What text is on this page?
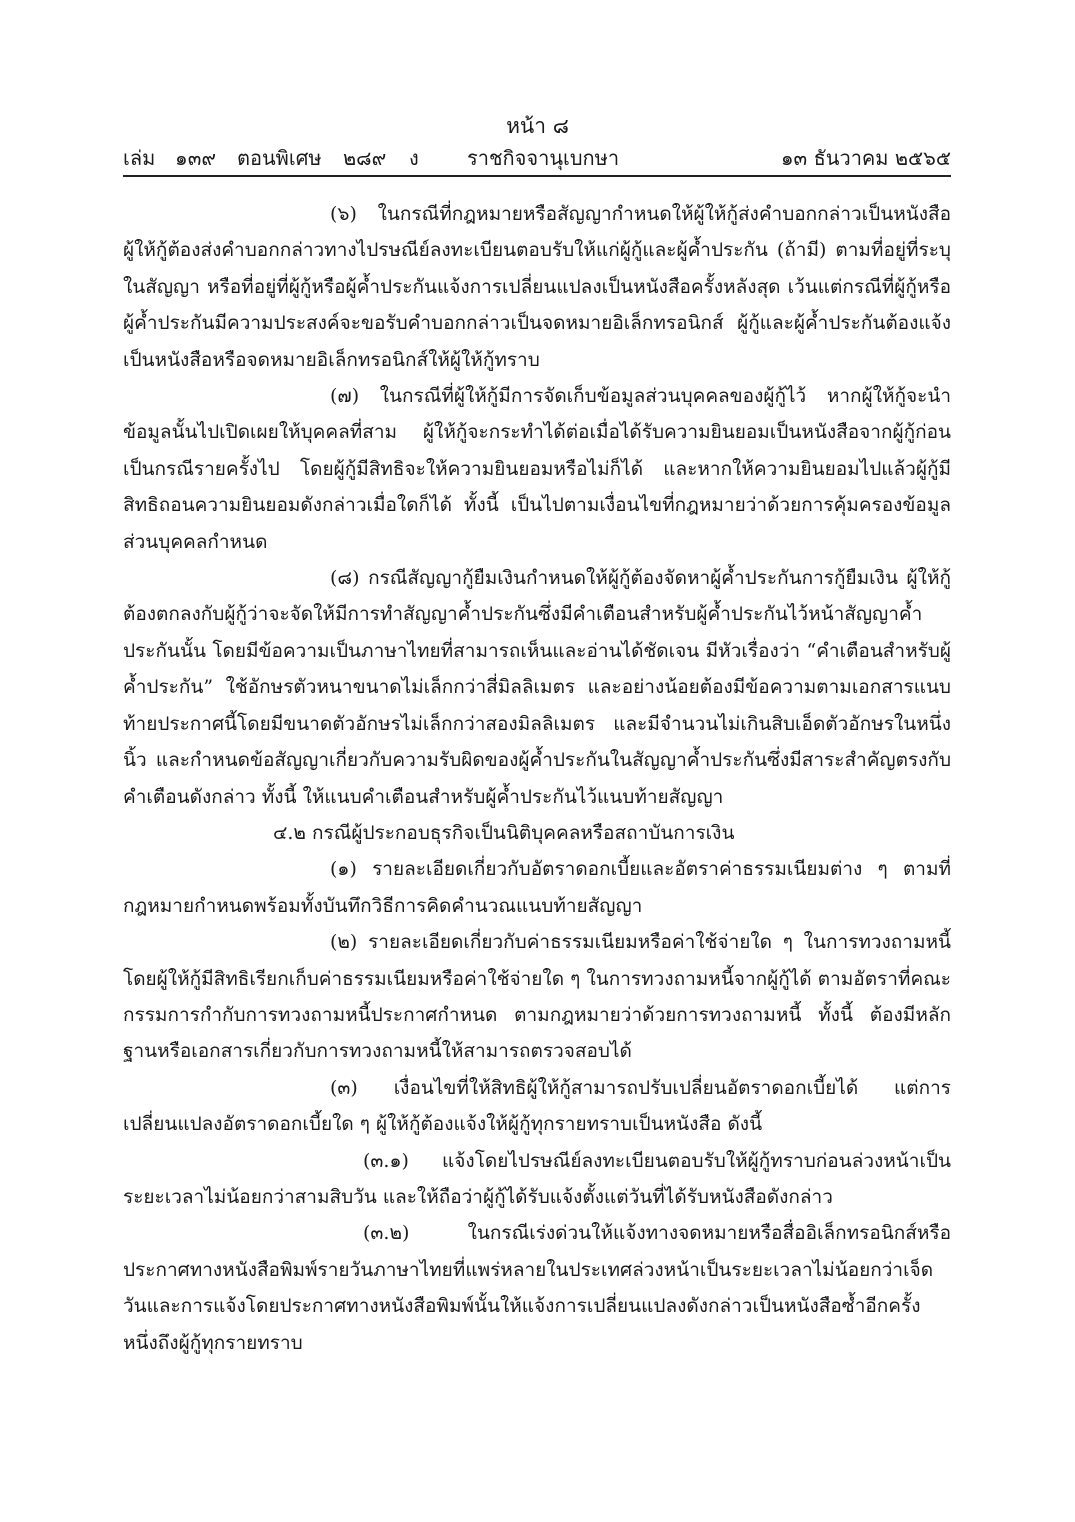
หน้า ๘
เล่ม ๑๓๙ ตอนพิเศษ ๒๘๙ ง ราชกิจจานุเบกษา	๑๓ ธันวาคม ๒๕๖๕

(๖) ในกรณีที่กฎหมายหรือสัญญากำหนดให้ผู้ให้กู้ส่งคำบอกกล่าวเป็นหนังสือ ผู้ให้กู้ต้องส่งคำบอกกล่าวทางไปรษณีย์ลงทะเบียนตอบรับให้แก่ผู้กู้และผู้ค้ำประกัน (ถ้ามี) ตามที่อยู่ที่ระบุในสัญญา หรือที่อยู่ที่ผู้กู้หรือผู้ค้ำประกันแจ้งการเปลี่ยนแปลงเป็นหนังสือครั้งหลังสุด เว้นแต่กรณีที่ผู้กู้หรือผู้ค้ำประกันมีความประสงค์จะขอรับคำบอกกล่าวเป็นจดหมายอิเล็กทรอนิกส์ ผู้กู้และผู้ค้ำประกันต้องแจ้งเป็นหนังสือหรือจดหมายอิเล็กทรอนิกส์ให้ผู้ให้กู้ทราบ

(๗) ในกรณีที่ผู้ให้กู้มีการจัดเก็บข้อมูลส่วนบุคคลของผู้กู้ไว้ หากผู้ให้กู้จะนำข้อมูลนั้นไปเปิดเผยให้บุคคลที่สาม ผู้ให้กู้จะกระทำได้ต่อเมื่อได้รับความยินยอมเป็นหนังสือจากผู้กู้ก่อนเป็นกรณีรายครั้งไป โดยผู้กู้มีสิทธิจะให้ความยินยอมหรือไม่ก็ได้ และหากให้ความยินยอมไปแล้วผู้กู้มีสิทธิถอนความยินยอมดังกล่าวเมื่อใดก็ได้ ทั้งนี้ เป็นไปตามเงื่อนไขที่กฎหมายว่าด้วยการคุ้มครองข้อมูลส่วนบุคคลกำหนด

(๘) กรณีสัญญากู้ยืมเงินกำหนดให้ผู้กู้ต้องจัดหาผู้ค้ำประกันการกู้ยืมเงิน ผู้ให้กู้ต้องตกลงกับผู้กู้ว่าจะจัดให้มีการทำสัญญาค้ำประกันซึ่งมีคำเตือนสำหรับผู้ค้ำประกันไว้หน้าสัญญาค้ำประกันนั้น โดยมีข้อความเป็นภาษาไทยที่สามารถเห็นและอ่านได้ชัดเจน มีหัวเรื่องว่า “คำเตือนสำหรับผู้ค้ำประกัน” ใช้อักษรตัวหนาขนาดไม่เล็กกว่าสี่มิลลิเมตร และอย่างน้อยต้องมีข้อความตามเอกสารแนบท้ายประกาศนี้โดยมีขนาดตัวอักษรไม่เล็กกว่าสองมิลลิเมตร และมีจำนวนไม่เกินสิบเอ็ดตัวอักษรในหนึ่งนิ้ว และกำหนดข้อสัญญาเกี่ยวกับความรับผิดของผู้ค้ำประกันในสัญญาค้ำประกันซึ่งมีสาระสำคัญตรงกับคำเตือนดังกล่าว ทั้งนี้ ให้แนบคำเตือนสำหรับผู้ค้ำประกันไว้แนบท้ายสัญญา

๔.๒ กรณีผู้ประกอบธุรกิจเป็นนิติบุคคลหรือสถาบันการเงิน

(๑) รายละเอียดเกี่ยวกับอัตราดอกเบี้ยและอัตราค่าธรรมเนียมต่าง ๆ ตามที่กฎหมายกำหนดพร้อมทั้งบันทึกวิธีการคิดคำนวณแนบท้ายสัญญา

(๒) รายละเอียดเกี่ยวกับค่าธรรมเนียมหรือค่าใช้จ่ายใด ๆ ในการทวงถามหนี้ โดยผู้ให้กู้มีสิทธิเรียกเก็บค่าธรรมเนียมหรือค่าใช้จ่ายใด ๆ ในการทวงถามหนี้จากผู้กู้ได้ ตามอัตราที่คณะกรรมการกำกับการทวงถามหนี้ประกาศกำหนด ตามกฎหมายว่าด้วยการทวงถามหนี้ ทั้งนี้ ต้องมีหลักฐานหรือเอกสารเกี่ยวกับการทวงถามหนี้ให้สามารถตรวจสอบได้

(๓) เงื่อนไขที่ให้สิทธิผู้ให้กู้สามารถปรับเปลี่ยนอัตราดอกเบี้ยได้ แต่การเปลี่ยนแปลงอัตราดอกเบี้ยใด ๆ ผู้ให้กู้ต้องแจ้งให้ผู้กู้ทุกรายทราบเป็นหนังสือ ดังนี้

(๓.๑) แจ้งโดยไปรษณีย์ลงทะเบียนตอบรับให้ผู้กู้ทราบก่อนล่วงหน้าเป็นระยะเวลาไม่น้อยกว่าสามสิบวัน และให้ถือว่าผู้กู้ได้รับแจ้งตั้งแต่วันที่ได้รับหนังสือดังกล่าว

(๓.๒) ในกรณีเร่งด่วนให้แจ้งทางจดหมายหรือสื่ออิเล็กทรอนิกส์หรือประกาศทางหนังสือพิมพ์รายวันภาษาไทยที่แพร่หลายในประเทศล่วงหน้าเป็นระยะเวลาไม่น้อยกว่าเจ็ดวันและการแจ้งโดยประกาศทางหนังสือพิมพ์นั้นให้แจ้งการเปลี่ยนแปลงดังกล่าวเป็นหนังสือซ้ำอีกครั้งหนึ่งถึงผู้กู้ทุกรายทราบ
